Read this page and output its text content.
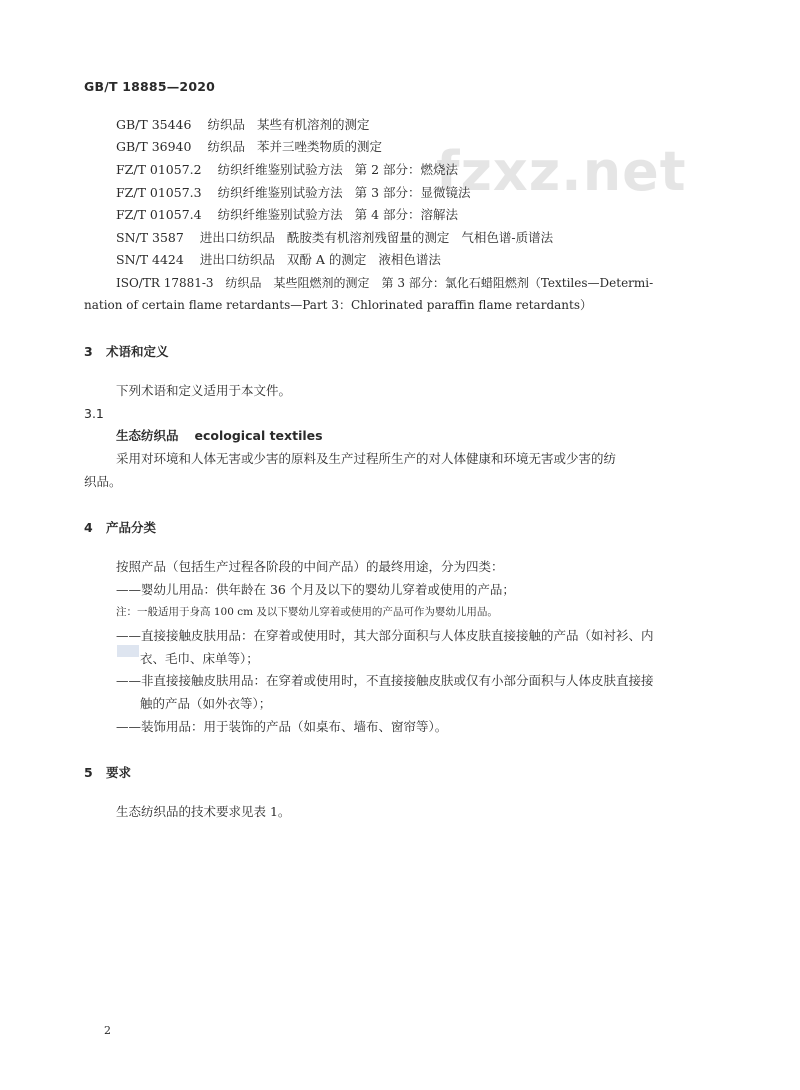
GB/T 18885—2020
fzxz.net
GB/T 35446 纺织品 某些有机溶剂的测定
GB/T 36940 纺织品 苯并三唑类物质的测定
FZ/T 01057.2 纺织纤维鉴别试验方法 第 2 部分：燃烧法
FZ/T 01057.3 纺织纤维鉴别试验方法 第 3 部分：显微镜法
FZ/T 01057.4 纺织纤维鉴别试验方法 第 4 部分：溶解法
SN/T 3587 进出口纺织品 酰胺类有机溶剂残留量的测定 气相色谱-质谱法
SN/T 4424 进出口纺织品 双酚 A 的测定 液相色谱法
ISO/TR 17881-3　纺织品　某些阻燃剂的测定　第 3 部分：氯化石蜡阻燃剂（Textiles—Determi-
nation of certain flame retardants—Part 3：Chlorinated paraffin flame retardants）
3 术语和定义
下列术语和定义适用于本文件。
3.1
生态纺织品 ecological textiles
采用对环境和人体无害或少害的原料及生产过程所生产的对人体健康和环境无害或少害的纺
织品。
4 产品分类
按照产品（包括生产过程各阶段的中间产品）的最终用途，分为四类：
——婴幼儿用品：供年龄在 36 个月及以下的婴幼儿穿着或使用的产品；
注：一般适用于身高 100 cm 及以下婴幼儿穿着或使用的产品可作为婴幼儿用品。
——直接接触皮肤用品：在穿着或使用时，其大部分面积与人体皮肤直接接触的产品（如衬衫、内
衣、毛巾、床单等）；
——非直接接触皮肤用品：在穿着或使用时，不直接接触皮肤或仅有小部分面积与人体皮肤直接接
触的产品（如外衣等）；
——装饰用品：用于装饰的产品（如桌布、墙布、窗帘等）。
5 要求
生态纺织品的技术要求见表 1。
2
